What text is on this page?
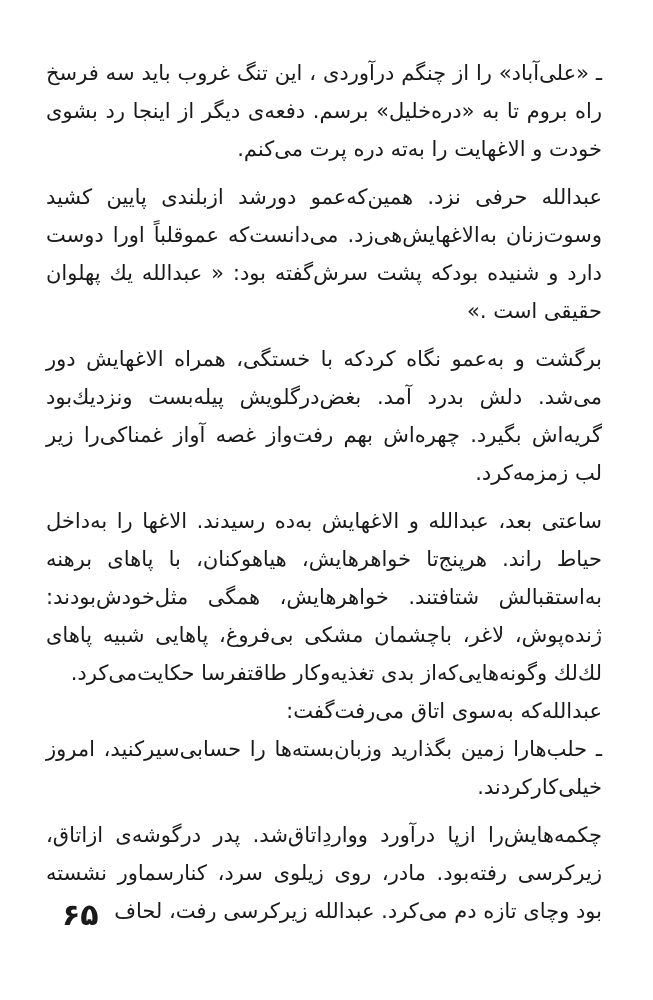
ـ «علی‌آباد» را از چنگم درآوردی ، این تنگ غروب باید سه فرسخ راه بروم تا به «دره‌خلیل» برسم. دفعه‌ی دیگر از اینجا رد بشوی خودت و الاغهایت را به‌ته دره پرت می‌کنم.

عبدالله حرفی نزد. همین‌که‌عمو دورشد ازبلندی پایین کشید وسوت‌زنان به‌الاغهایش‌هی‌زد. می‌دانست‌که عموقلباً اورا دوست دارد و شنیده بودکه پشت سرش‌گفته بود: « عبدالله یك پهلوان حقیقی است .»

برگشت و به‌عمو نگاه کردکه با خستگی، همراه الاغهایش دور می‌شد. دلش بدرد آمد. بغض‌درگلویش پیله‌بست ونزدیك‌بود گریه‌اش بگیرد. چهره‌اش بهم رفت‌واز غصه آواز غمناکی‌را زیر لب زمزمه‌کرد.

ساعتی بعد، عبدالله و الاغهایش به‌ده رسیدند. الاغها را به‌داخل حیاط راند. هرپنج‌تا خواهرهایش، هیاهوکنان، با پاهای برهنه به‌استقبالش شتافتند. خواهرهایش، همگی مثل‌خودش‌بودند: ژنده‌پوش، لاغر، با‌چشمان مشکی بی‌فروغ، پاهایی شبیه پاهای لك‌لك وگونه‌هایی‌که‌از بدی تغذیه‌وکار طاقتفرسا حکایت‌می‌کرد.

عبدالله‌که به‌سوی اتاق می‌رفت‌گفت:

ـ حلب‌هارا زمین بگذارید وزبان‌بسته‌ها را حسابی‌سیرکنید، امروز خیلی‌کارکردند.

چکمه‌هایش‌را ازپا درآورد وواردِاتاق‌شد. پدر درگوشه‌ی ازاتاق، زیرکرسی رفته‌بود. مادر، روی زیلوی سرد، کنارسماور نشسته بود وچای تازه دم می‌کرد. عبدالله زیرکرسی رفت، لحاف

۶۵
